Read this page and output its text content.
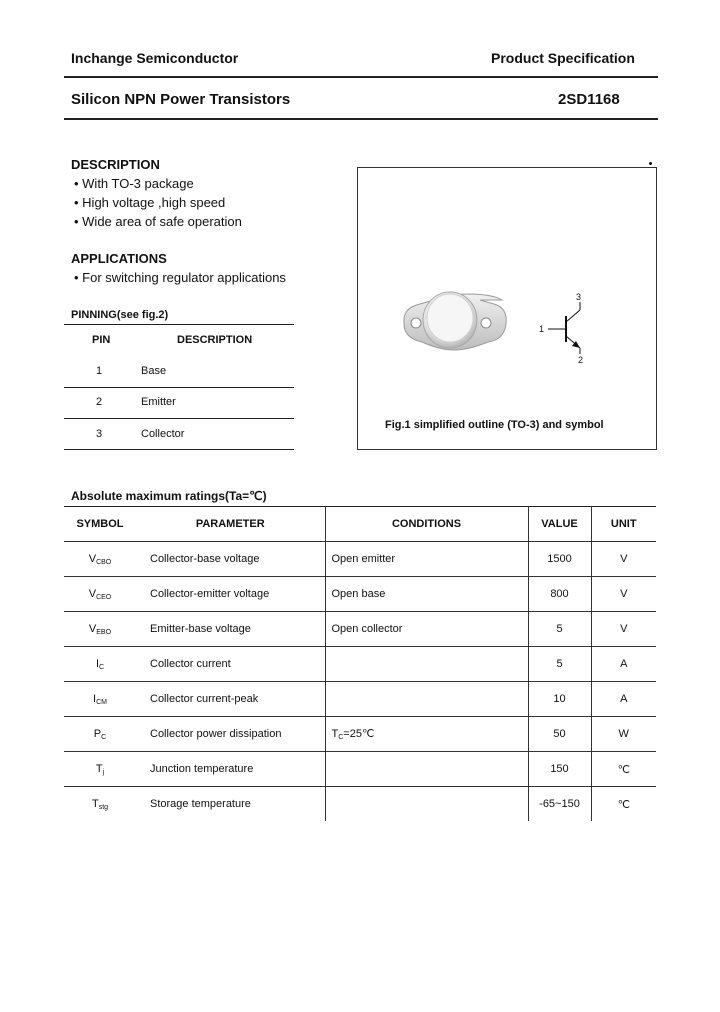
Inchange Semiconductor	Product Specification
Silicon NPN Power Transistors	2SD1168
DESCRIPTION
• With TO-3 package
• High voltage ,high speed
• Wide area of safe operation
APPLICATIONS
• For switching regulator applications
PINNING(see fig.2)
PIN	DESCRIPTION
1	Base
2	Emitter
3	Collector
3
1
2
Fig.1 simplified outline (TO-3) and symbol
Absolute maximum ratings(Ta=℃)
SYMBOL	PARAMETER	CONDITIONS	VALUE	UNIT
$V_{CBO}$	Collector-base voltage	Open emitter	1500	V
$V_{CEO}$	Collector-emitter voltage	Open base	800	V
$V_{EBO}$	Emitter-base voltage	Open collector	5	V
$I_C$	Collector current		5	A
$I_{CM}$	Collector current-peak		10	A
$P_C$	Collector power dissipation	$T_C=25℃$	50	W
$T_j$	Junction temperature		150	℃
$T_{stg}$	Storage temperature		-65~150	℃
